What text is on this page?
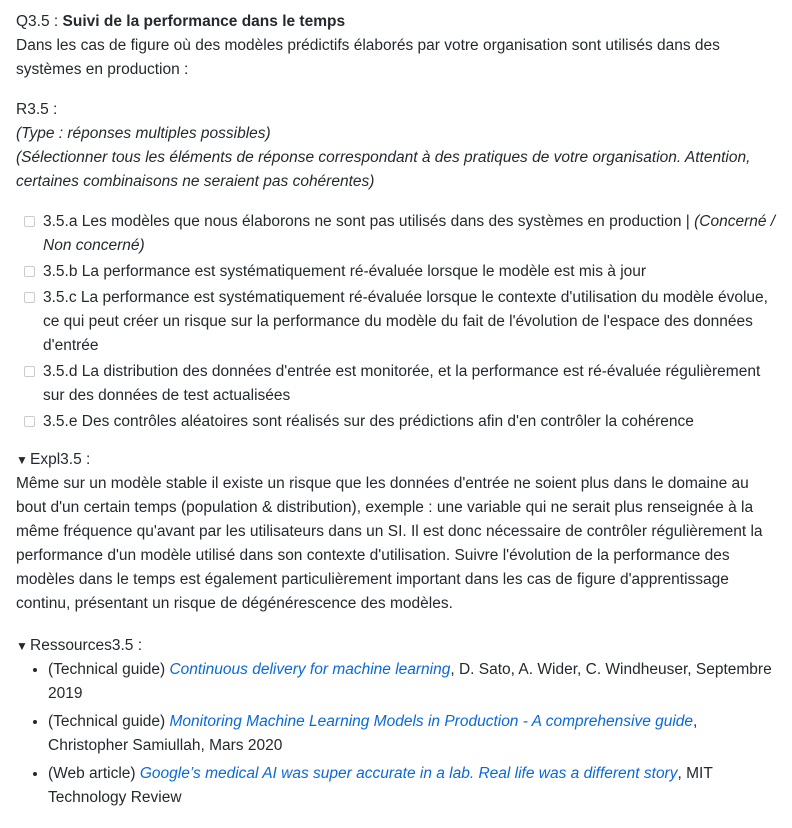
Q3.5 : Suivi de la performance dans le temps

Dans les cas de figure où des modèles prédictifs élaborés par votre organisation sont utilisés dans des systèmes en production :

R3.5 :

(Type : réponses multiples possibles)

(Sélectionner tous les éléments de réponse correspondant à des pratiques de votre organisation. Attention, certaines combinaisons ne seraient pas cohérentes)

3.5.a Les modèles que nous élaborons ne sont pas utilisés dans des systèmes en production | (Concerné / Non concerné)
3.5.b La performance est systématiquement ré-évaluée lorsque le modèle est mis à jour
3.5.c La performance est systématiquement ré-évaluée lorsque le contexte d'utilisation du modèle évolue, ce qui peut créer un risque sur la performance du modèle du fait de l'évolution de l'espace des données d'entrée
3.5.d La distribution des données d'entrée est monitorée, et la performance est ré-évaluée régulièrement sur des données de test actualisées
3.5.e Des contrôles aléatoires sont réalisés sur des prédictions afin d'en contrôler la cohérence
▼ Expl3.5 :

Même sur un modèle stable il existe un risque que les données d'entrée ne soient plus dans le domaine au bout d'un certain temps (population & distribution), exemple : une variable qui ne serait plus renseignée à la même fréquence qu'avant par les utilisateurs dans un SI. Il est donc nécessaire de contrôler régulièrement la performance d'un modèle utilisé dans son contexte d'utilisation. Suivre l'évolution de la performance des modèles dans le temps est également particulièrement important dans les cas de figure d'apprentissage continu, présentant un risque de dégénérescence des modèles.

▼ Ressources3.5 :
• (Technical guide) Continuous delivery for machine learning, D. Sato, A. Wider, C. Windheuser, Septembre 2019
• (Technical guide) Monitoring Machine Learning Models in Production - A comprehensive guide, Christopher Samiullah, Mars 2020
• (Web article) Google’s medical AI was super accurate in a lab. Real life was a different story, MIT Technology Review
